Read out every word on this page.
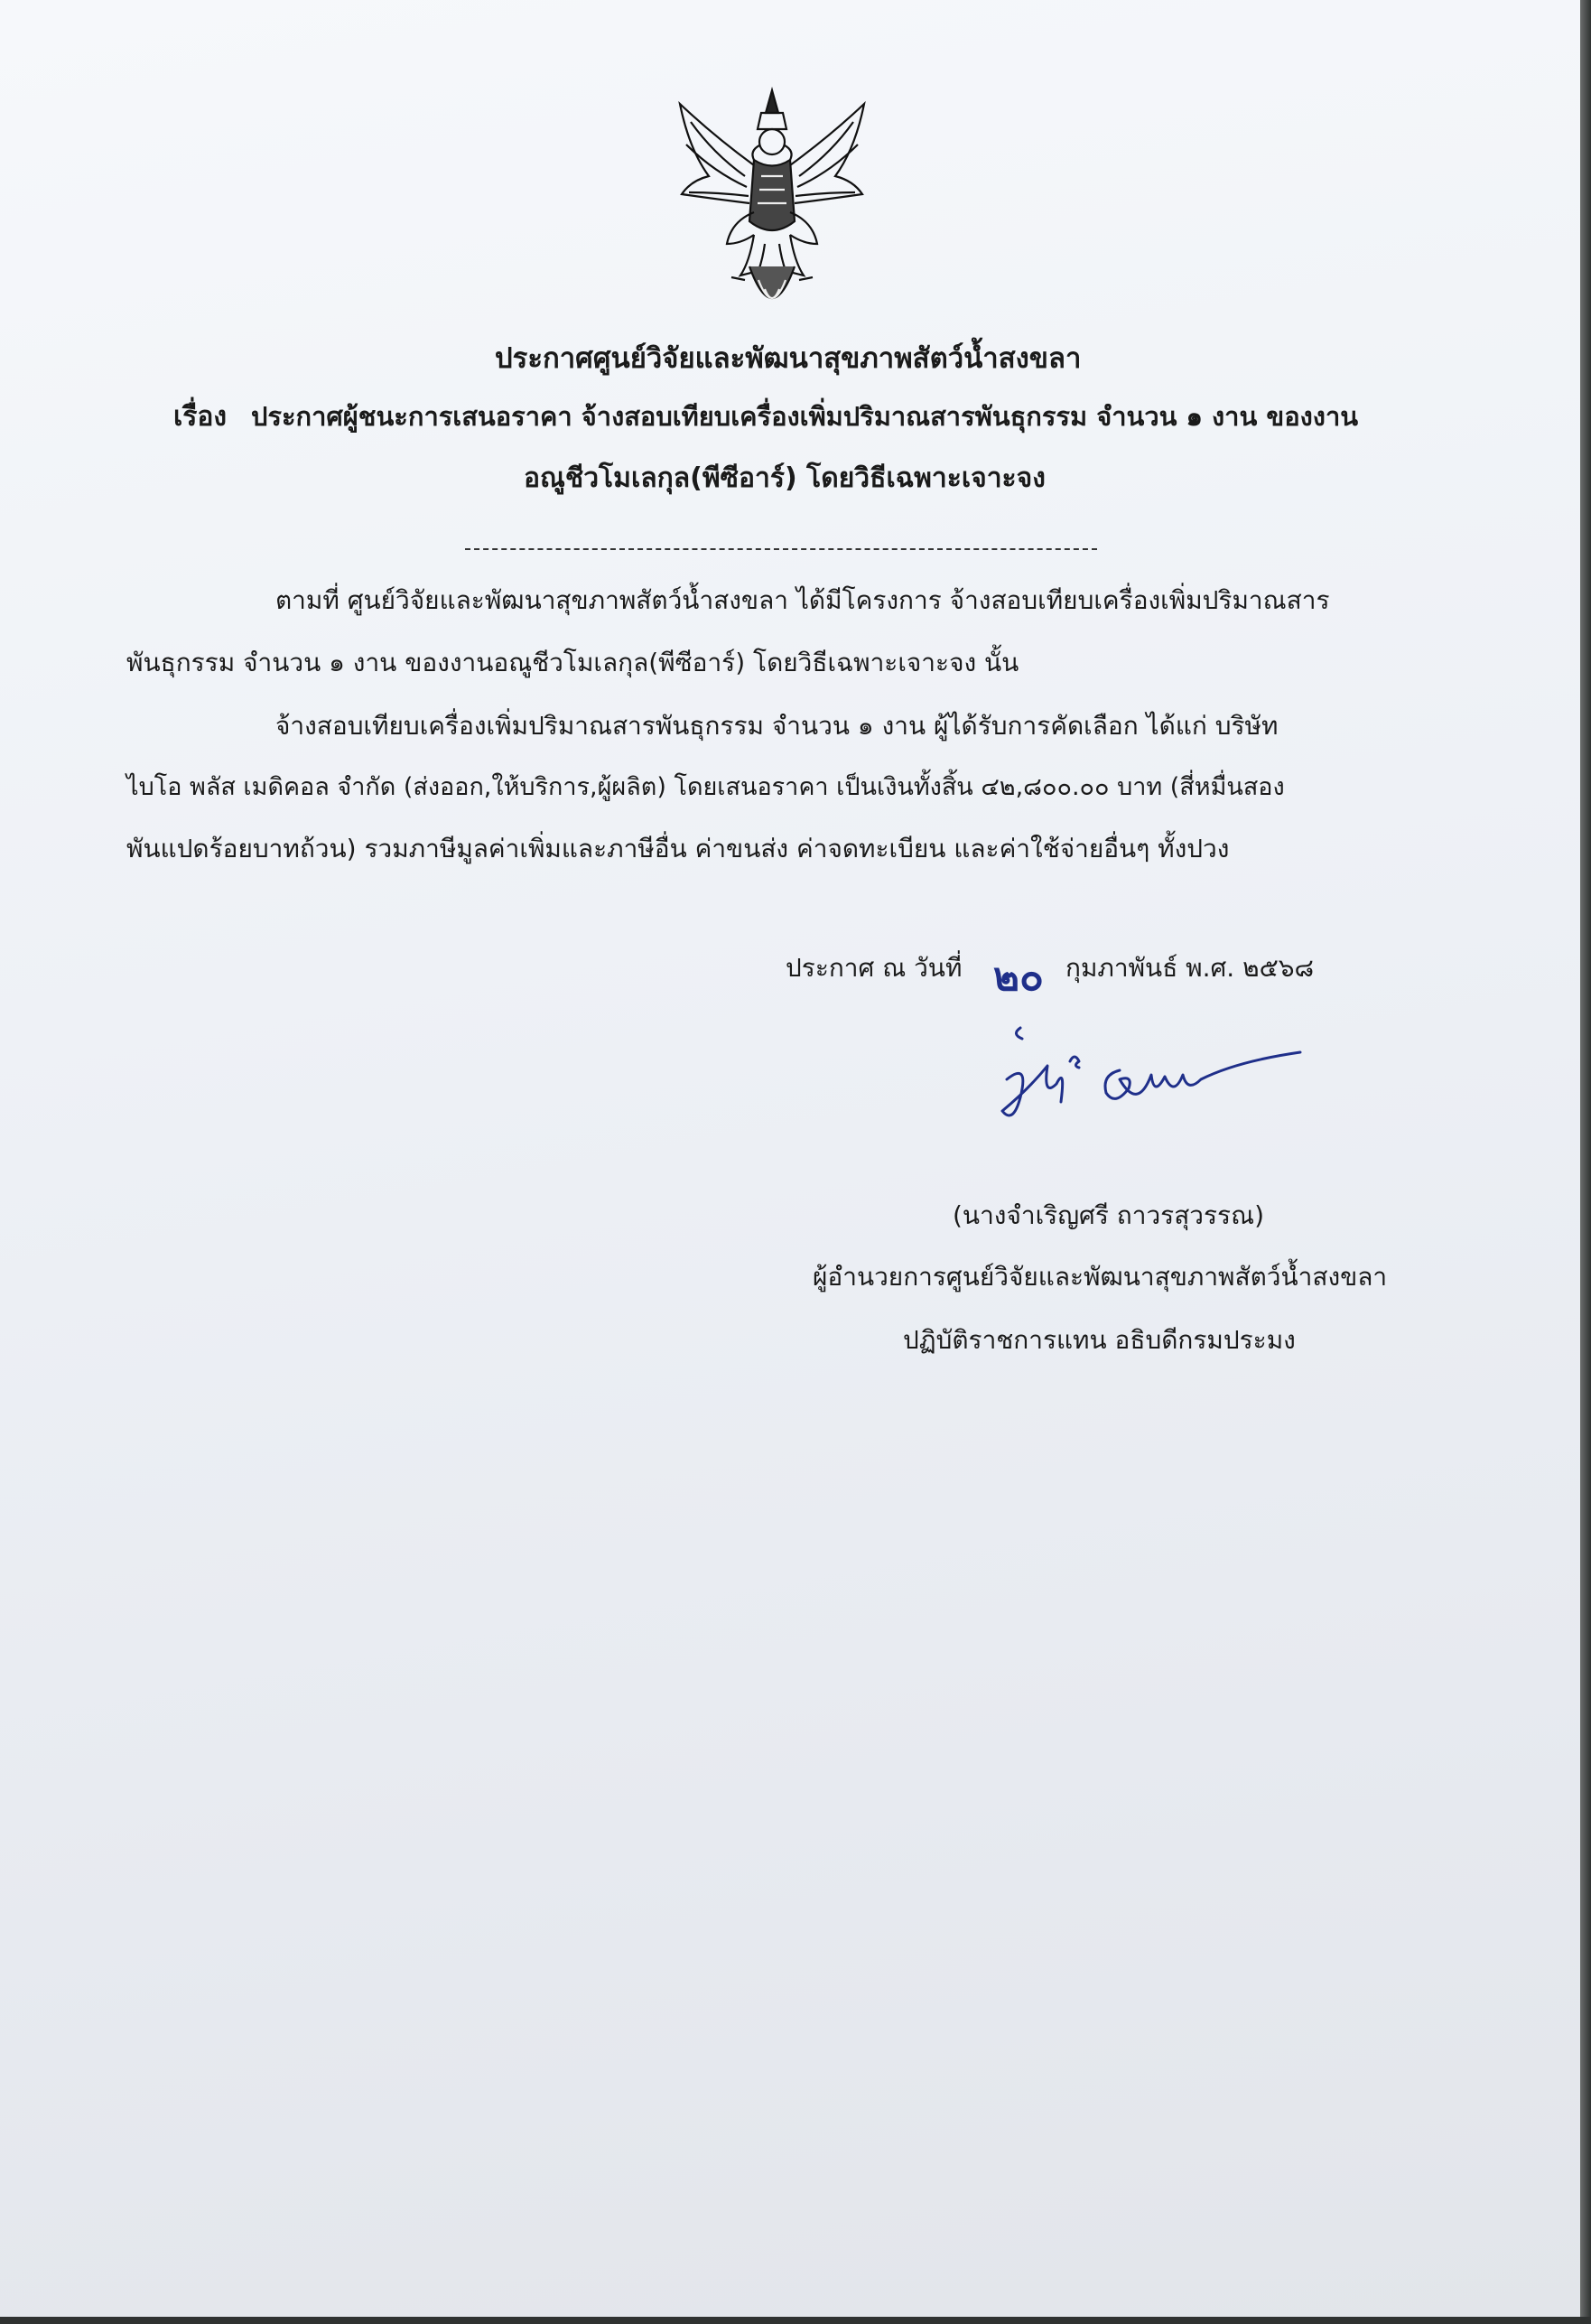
ประกาศศูนย์วิจัยและพัฒนาสุขภาพสัตว์น้ำสงขลา
เรื่อง ประกาศผู้ชนะการเสนอราคา จ้างสอบเทียบเครื่องเพิ่มปริมาณสารพันธุกรรม จำนวน ๑ งาน ของงาน
อณูชีวโมเลกุล(พีซีอาร์) โดยวิธีเฉพาะเจาะจง
ตามที่ ศูนย์วิจัยและพัฒนาสุขภาพสัตว์น้ำสงขลา ได้มีโครงการ จ้างสอบเทียบเครื่องเพิ่มปริมาณสาร
พันธุกรรม จำนวน ๑ งาน ของงานอณูชีวโมเลกุล(พีซีอาร์) โดยวิธีเฉพาะเจาะจง นั้น
จ้างสอบเทียบเครื่องเพิ่มปริมาณสารพันธุกรรม จำนวน ๑ งาน ผู้ได้รับการคัดเลือก ได้แก่ บริษัท
ไบโอ พลัส เมดิคอล จำกัด (ส่งออก,ให้บริการ,ผู้ผลิต) โดยเสนอราคา เป็นเงินทั้งสิ้น ๔๒,๘๐๐.๐๐ บาท (สี่หมื่นสอง
พันแปดร้อยบาทถ้วน) รวมภาษีมูลค่าเพิ่มและภาษีอื่น ค่าขนส่ง ค่าจดทะเบียน และค่าใช้จ่ายอื่นๆ ทั้งปวง
ประกาศ ณ วันที่ ๒๐ กุมภาพันธ์ พ.ศ. ๒๕๖๘
(นางจำเริญศรี ถาวรสุวรรณ)
ผู้อำนวยการศูนย์วิจัยและพัฒนาสุขภาพสัตว์น้ำสงขลา
ปฏิบัติราชการแทน อธิบดีกรมประมง
